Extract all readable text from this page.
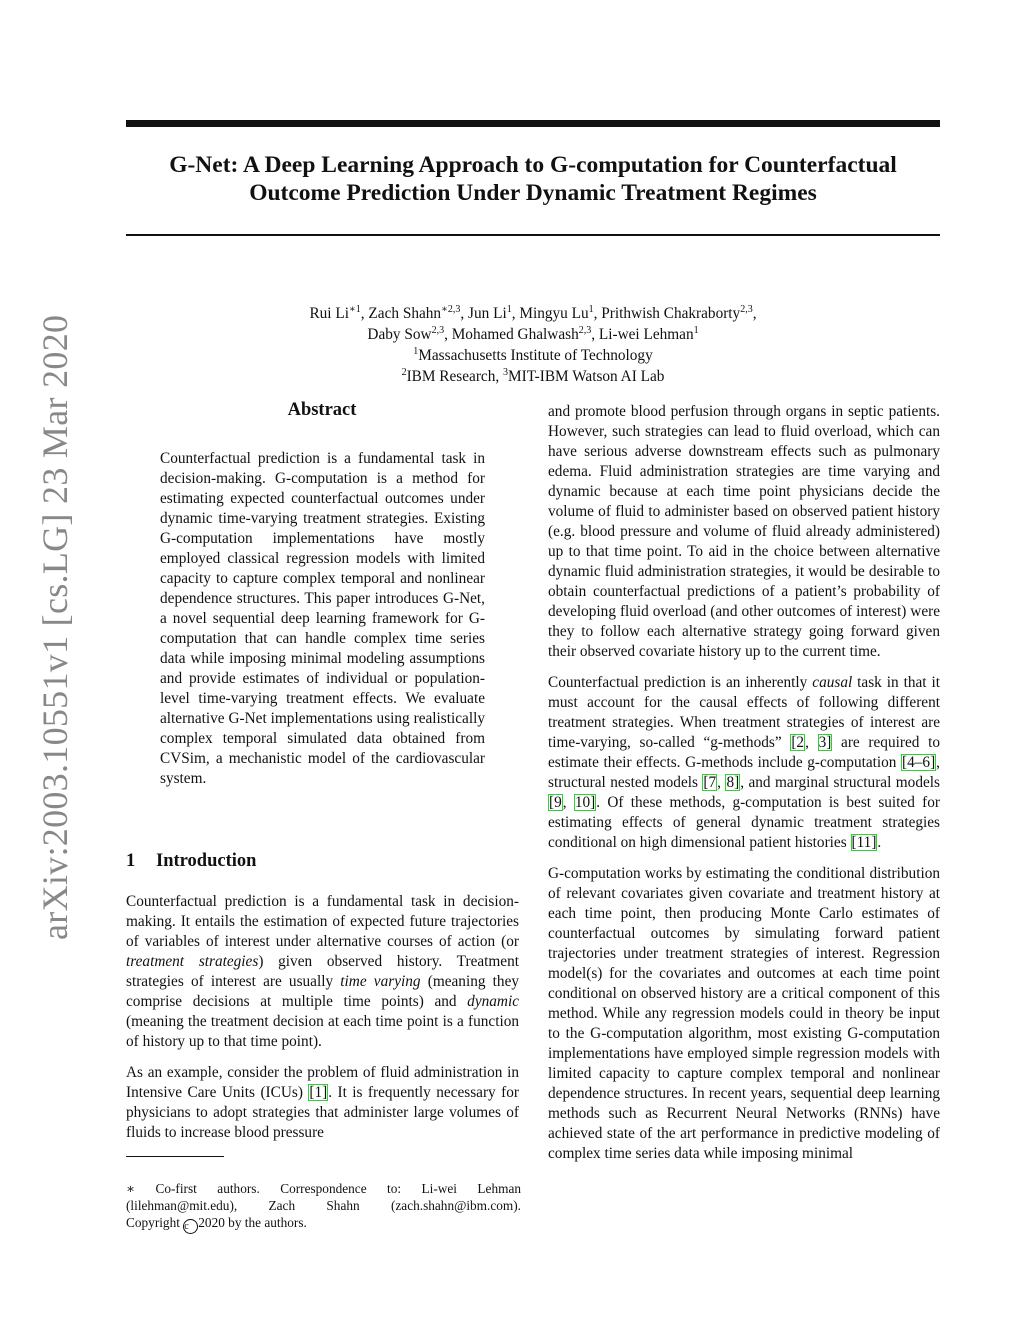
arXiv:2003.10551v1 [cs.LG] 23 Mar 2020
G-Net: A Deep Learning Approach to G-computation for Counterfactual
Outcome Prediction Under Dynamic Treatment Regimes
Rui $Li^{∗1}$, Zach Shahn$^{∗2,3}$, Jun Li$^1$, Mingyu Lu$^1$, Prithwish Chakraborty$^{2,3}$,
Daby Sow$^{2,3}$, Mohamed Ghalwash$^{2,3}$, Li-wei Lehman$^1$
$^1$Massachusetts Institute of Technology
$^2$IBM Research, $^3$MIT-IBM Watson AI Lab
Abstract
Counterfactual prediction is a fundamental task in decision-making. G-computation is a method for estimating expected counterfactual outcomes under dynamic time-varying treatment strategies. Existing G-computation implementations have mostly employed classical regression models with limited capacity to capture complex temporal and nonlinear dependence structures. This paper introduces G-Net, a novel sequential deep learning framework for G-computation that can handle complex time series data while imposing minimal modeling assumptions and provide estimates of individual or population-level time-varying treatment effects. We evaluate alternative G-Net implementations using realistically complex temporal simulated data obtained from CVSim, a mechanistic model of the cardiovascular system.
1 Introduction

Counterfactual prediction is a fundamental task in decision-making. It entails the estimation of expected future trajectories of variables of interest under alternative courses of action (or treatment strategies) given observed history. Treatment strategies of interest are usually time varying (meaning they comprise decisions at multiple time points) and dynamic (meaning the treatment decision at each time point is a function of history up to that time point).

As an example, consider the problem of fluid administration in Intensive Care Units (ICUs) [1]. It is frequently necessary for physicians to adopt strategies that administer large volumes of fluids to increase blood pressure

and promote blood perfusion through organs in septic patients. However, such strategies can lead to fluid overload, which can have serious adverse downstream effects such as pulmonary edema. Fluid administration strategies are time varying and dynamic because at each time point physicians decide the volume of fluid to administer based on observed patient history (e.g. blood pressure and volume of fluid already administered) up to that time point. To aid in the choice between alternative dynamic fluid administration strategies, it would be desirable to obtain counterfactual predictions of a patient’s probability of developing fluid overload (and other outcomes of interest) were they to follow each alternative strategy going forward given their observed covariate history up to the current time.

Counterfactual prediction is an inherently causal task in that it must account for the causal effects of following different treatment strategies. When treatment strategies of interest are time-varying, so-called “g-methods” [2, 3] are required to estimate their effects. G-methods include g-computation [4–6], structural nested models [7, 8], and marginal structural models [9, 10]. Of these methods, g-computation is best suited for estimating effects of general dynamic treatment strategies conditional on high dimensional patient histories [11].

G-computation works by estimating the conditional distribution of relevant covariates given covariate and treatment history at each time point, then producing Monte Carlo estimates of counterfactual outcomes by simulating forward patient trajectories under treatment strategies of interest. Regression model(s) for the covariates and outcomes at each time point conditional on observed history are a critical component of this method. While any regression models could in theory be input to the G-computation algorithm, most existing G-computation implementations have employed simple regression models with limited capacity to capture complex temporal and nonlinear dependence structures. In recent years, sequential deep learning methods such as Recurrent Neural Networks (RNNs) have achieved state of the art performance in predictive modeling of complex time series data while imposing minimal

∗ Co-first authors. Correspondence to: Li-wei Lehman
(lilehman@mit.edu), Zach Shahn (zach.shahn@ibm.com).
Copyright c 2020 by the authors.
